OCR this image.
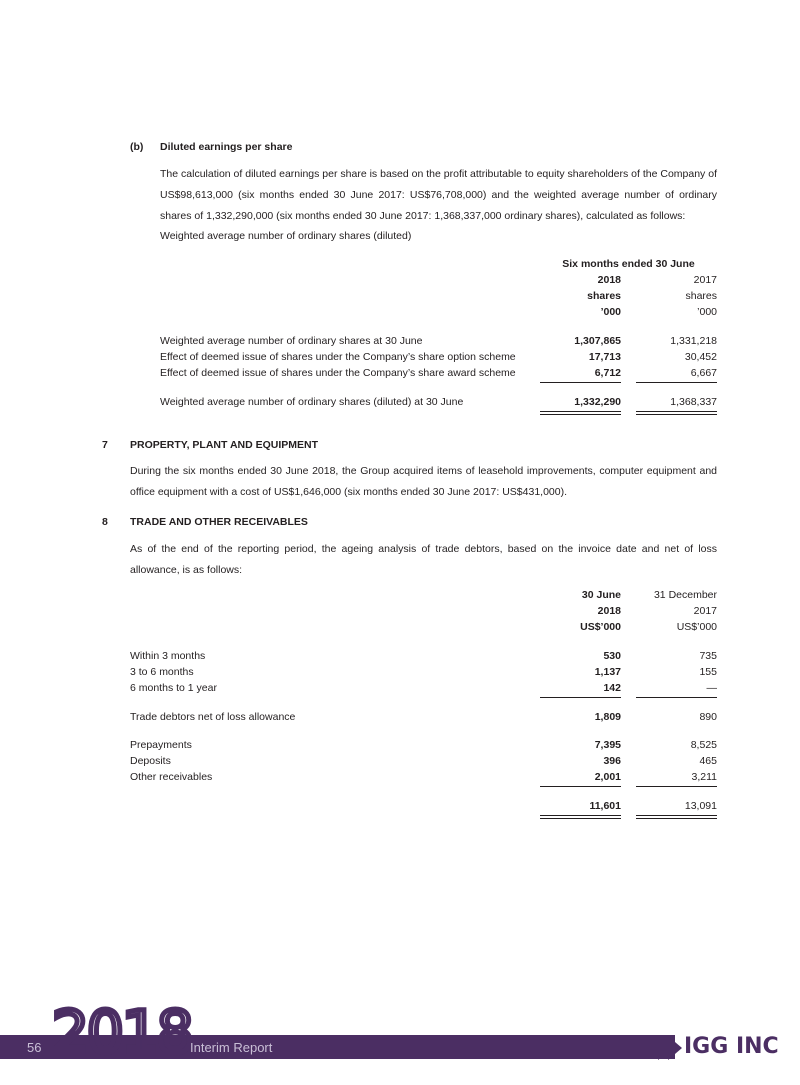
(b) Diluted earnings per share
The calculation of diluted earnings per share is based on the profit attributable to equity shareholders of the Company of US$98,613,000 (six months ended 30 June 2017: US$76,708,000) and the weighted average number of ordinary shares of 1,332,290,000 (six months ended 30 June 2017: 1,368,337,000 ordinary shares), calculated as follows:
Weighted average number of ordinary shares (diluted)
Six months ended 30 June
2018	2017
shares	shares
’000	’000
Weighted average number of ordinary shares at 30 June	1,307,865	1,331,218
Effect of deemed issue of shares under the Company’s share option scheme	17,713	30,452
Effect of deemed issue of shares under the Company’s share award scheme	6,712	6,667
Weighted average number of ordinary shares (diluted) at 30 June	1,332,290	1,368,337
7 PROPERTY, PLANT AND EQUIPMENT
During the six months ended 30 June 2018, the Group acquired items of leasehold improvements, computer equipment and office equipment with a cost of US$1,646,000 (six months ended 30 June 2017: US$431,000).
8 TRADE AND OTHER RECEIVABLES
As of the end of the reporting period, the ageing analysis of trade debtors, based on the invoice date and net of loss allowance, is as follows:
30 June	31 December
2018	2017
US$’000	US$’000
Within 3 months	530	735
3 to 6 months	1,137	155
6 months to 1 year	142	—
Trade debtors net of loss allowance	1,809	890
Prepayments	7,395	8,525
Deposits	396	465
Other receivables	2,001	3,211
11,601	13,091
2018
56	Interim Report	IGG INC
